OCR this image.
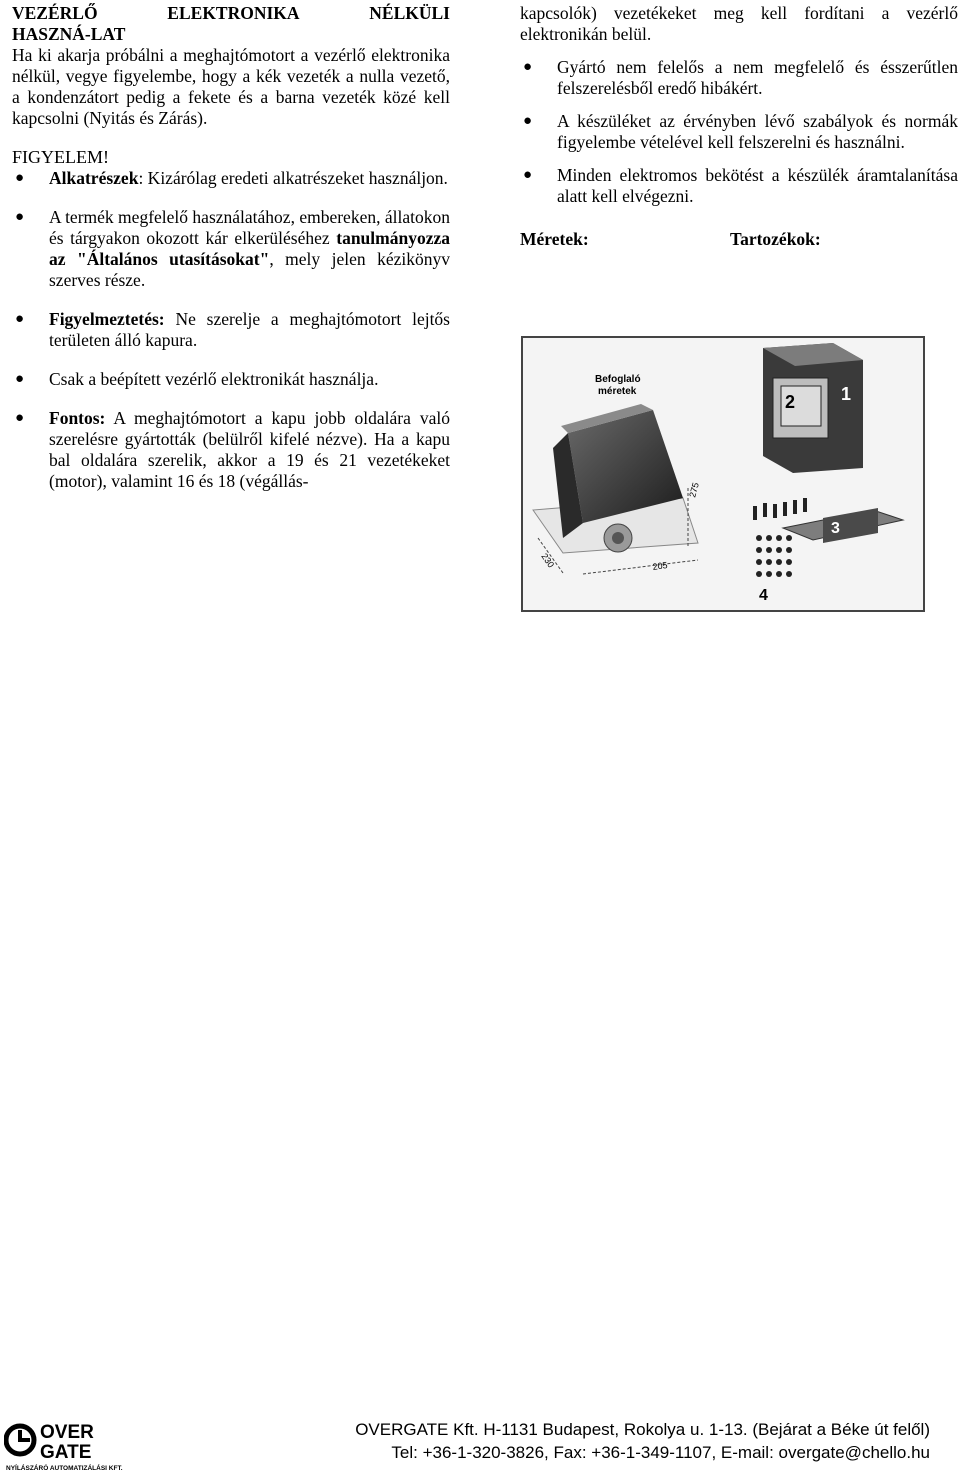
VEZÉRLŐ	ELEKTRONIKA	NÉLKÜLI
HASZNÁ-LAT

Ha ki akarja próbálni a meghajtómotort a vezérlő elektronika nélkül, vegye figyelembe, hogy a kék vezeték a nulla vezető, a kondenzátort pedig a fekete és a barna vezeték közé kell kapcsolni (Nyitás és Zárás).

FIGYELEM!

● Alkatrészek: Kizárólag eredeti alkatrészeket használjon.
● A termék megfelelő használatához, embereken, állatokon és tárgyakon okozott kár elkerüléséhez tanulmányozza az "Általános utasításokat", mely jelen kézikönyv szerves része.
● Figyelmeztetés: Ne szerelje a meghajtómotort lejtős területen álló kapura.
● Csak a beépített vezérlő elektronikát használja.
● Fontos: A meghajtómotort a kapu jobb oldalára való szerelésre gyártották (belülről kifelé nézve). Ha a kapu bal oldalára szerelik, akkor a 19 és 21 vezetékeket (motor), valamint 16 és 18 (végállás-

kapcsolók) vezetékeket meg kell fordítani a vezérlő elektronikán belül.

● Gyártó nem felelős a nem megfelelő és ésszerűtlen felszerelésből eredő hibákért.
● A készüléket az érvényben lévő szabályok és normák figyelembe vételével kell felszerelni és használni.
● Minden elektromos bekötést a készülék áramtalanítása alatt kell elvégezni.
Méretek:	Tartozékok:
Befoglaló
méretek
275
230	205
2	1
3
4
OVER
GATE
NYÍLÁSZÁRÓ AUTOMATIZÁLÁSI KFT.
OVERGATE Kft. H-1131 Budapest, Rokolya u. 1-13. (Bejárat a Béke út felől)
Tel: +36-1-320-3826, Fax: +36-1-349-1107, E-mail: overgate@chello.hu
